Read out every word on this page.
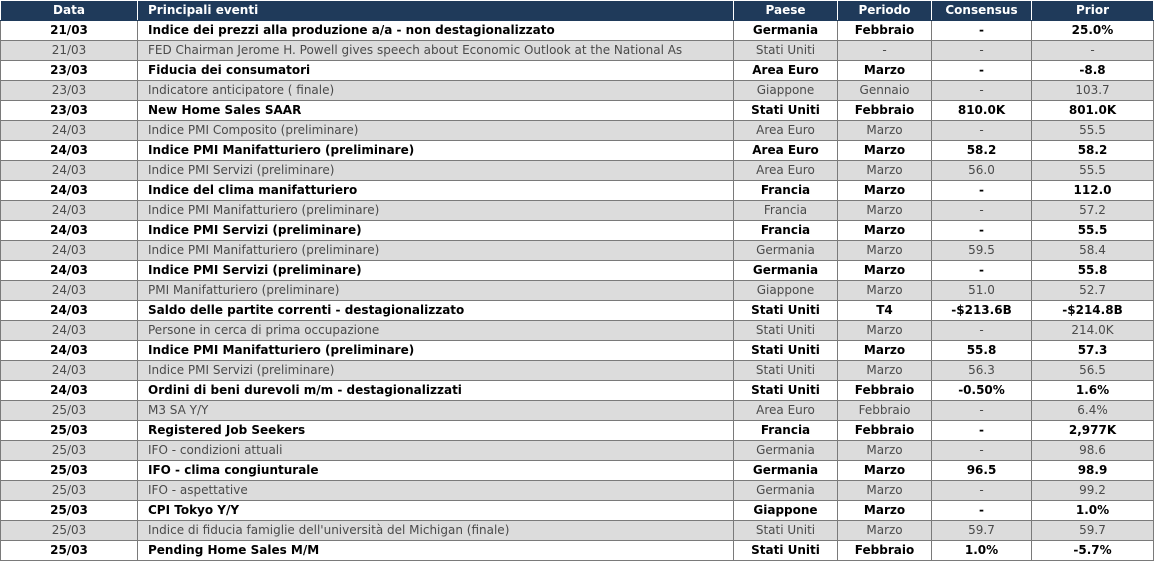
Data	Principali eventi	Paese	Periodo	Consensus	Prior
21/03	Indice dei prezzi alla produzione a/a - non destagionalizzato	Germania	Febbraio	-	25.0%
21/03	FED Chairman Jerome H. Powell gives speech about Economic Outlook at the National As	Stati Uniti	-	-	-
23/03	Fiducia dei consumatori	Area Euro	Marzo	-	-8.8
23/03	Indicatore anticipatore ( finale)	Giappone	Gennaio	-	103.7
23/03	New Home Sales SAAR	Stati Uniti	Febbraio	810.0K	801.0K
24/03	Indice PMI Composito (preliminare)	Area Euro	Marzo	-	55.5
24/03	Indice PMI Manifatturiero (preliminare)	Area Euro	Marzo	58.2	58.2
24/03	Indice PMI Servizi (preliminare)	Area Euro	Marzo	56.0	55.5
24/03	Indice del clima manifatturiero	Francia	Marzo	-	112.0
24/03	Indice PMI Manifatturiero (preliminare)	Francia	Marzo	-	57.2
24/03	Indice PMI Servizi (preliminare)	Francia	Marzo	-	55.5
24/03	Indice PMI Manifatturiero (preliminare)	Germania	Marzo	59.5	58.4
24/03	Indice PMI Servizi (preliminare)	Germania	Marzo	-	55.8
24/03	PMI Manifatturiero (preliminare)	Giappone	Marzo	51.0	52.7
24/03	Saldo delle partite correnti - destagionalizzato	Stati Uniti	T4	-$213.6B	-$214.8B
24/03	Persone in cerca di prima occupazione	Stati Uniti	Marzo	-	214.0K
24/03	Indice PMI Manifatturiero (preliminare)	Stati Uniti	Marzo	55.8	57.3
24/03	Indice PMI Servizi (preliminare)	Stati Uniti	Marzo	56.3	56.5
24/03	Ordini di beni durevoli m/m - destagionalizzati	Stati Uniti	Febbraio	-0.50%	1.6%
25/03	M3 SA Y/Y	Area Euro	Febbraio	-	6.4%
25/03	Registered Job Seekers	Francia	Febbraio	-	2,977K
25/03	IFO - condizioni attuali	Germania	Marzo	-	98.6
25/03	IFO - clima congiunturale	Germania	Marzo	96.5	98.9
25/03	IFO - aspettative	Germania	Marzo	-	99.2
25/03	CPI Tokyo Y/Y	Giappone	Marzo	-	1.0%
25/03	Indice di fiducia famiglie dell'università del Michigan (finale)	Stati Uniti	Marzo	59.7	59.7
25/03	Pending Home Sales M/M	Stati Uniti	Febbraio	1.0%	-5.7%
